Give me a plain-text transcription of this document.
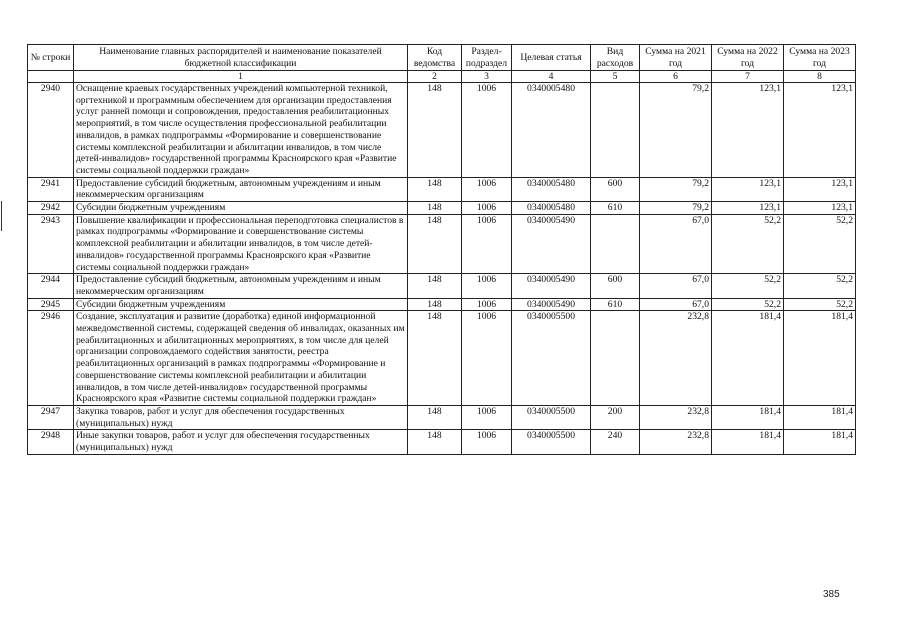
№ строки	Наименование главных распорядителей и наименование показателей бюджетной классификации	Код ведомства	Раздел-подраздел	Целевая статья	Вид расходов	Сумма на 2021 год	Сумма на 2022 год	Сумма на 2023 год
	1	2	3	4	5	6	7	8
2940	Оснащение краевых государственных учреждений компьютерной техникой, оргтехникой и программным обеспечением для организации предоставления услуг ранней помощи и сопровождения, предоставления реабилитационных мероприятий, в том числе осуществления профессиональной реабилитации инвалидов, в рамках подпрограммы «Формирование и совершенствование системы комплексной реабилитации и абилитации инвалидов, в том числе детей-инвалидов» государственной программы Красноярского края «Развитие системы социальной поддержки граждан»	148	1006	0340005480		79,2	123,1	123,1
2941	Предоставление субсидий бюджетным, автономным учреждениям и иным некоммерческим организациям	148	1006	0340005480	600	79,2	123,1	123,1
2942	Субсидии бюджетным учреждениям	148	1006	0340005480	610	79,2	123,1	123,1
2943	Повышение квалификации и профессиональная переподготовка специалистов в рамках подпрограммы «Формирование и совершенствование системы комплексной реабилитации и абилитации инвалидов, в том числе детей-инвалидов» государственной программы Красноярского края «Развитие системы социальной поддержки граждан»	148	1006	0340005490		67,0	52,2	52,2
2944	Предоставление субсидий бюджетным, автономным учреждениям и иным некоммерческим организациям	148	1006	0340005490	600	67,0	52,2	52,2
2945	Субсидии бюджетным учреждениям	148	1006	0340005490	610	67,0	52,2	52,2
2946	Создание, эксплуатация и развитие (доработка) единой информационной межведомственной системы, содержащей сведения об инвалидах, оказанных им реабилитационных и абилитационных мероприятиях, в том числе для целей организации сопровождаемого содействия занятости, реестра реабилитационных организаций в рамках подпрограммы «Формирование и совершенствование системы комплексной реабилитации и абилитации инвалидов, в том числе детей-инвалидов» государственной программы Красноярского края «Развитие системы социальной поддержки граждан»	148	1006	0340005500		232,8	181,4	181,4
2947	Закупка товаров, работ и услуг для обеспечения государственных (муниципальных) нужд	148	1006	0340005500	200	232,8	181,4	181,4
2948	Иные закупки товаров, работ и услуг для обеспечения государственных (муниципальных) нужд	148	1006	0340005500	240	232,8	181,4	181,4
385
